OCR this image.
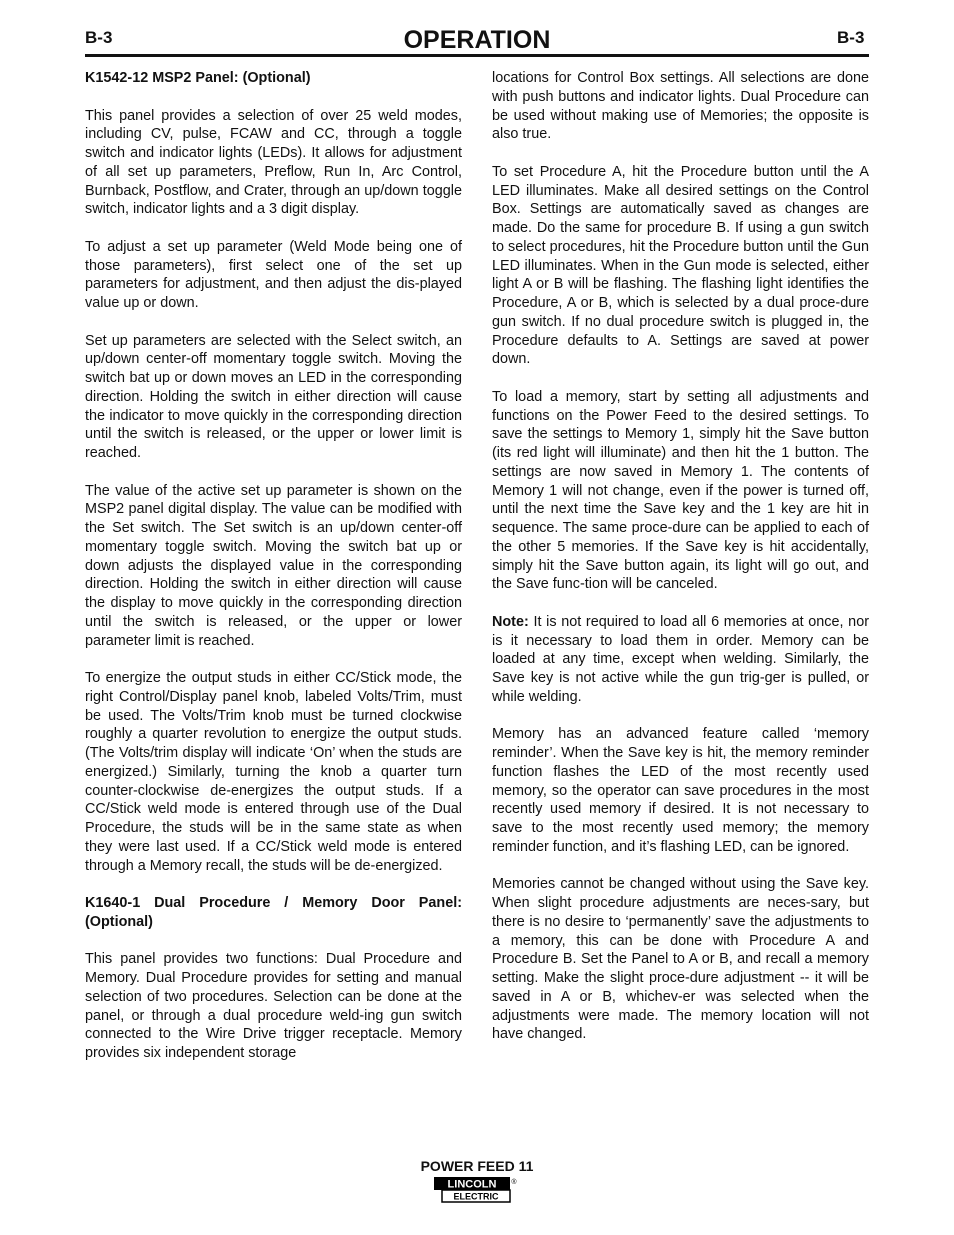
B-3	OPERATION	B-3

K1542-12 MSP2 Panel: (Optional)

This panel provides a selection of over 25 weld modes, including CV, pulse, FCAW and CC, through a toggle switch and indicator lights (LEDs). It allows for adjustment of all set up parameters, Preflow, Run In, Arc Control, Burnback, Postflow, and Crater, through an up/down toggle switch, indicator lights and a 3 digit display.

To adjust a set up parameter (Weld Mode being one of those parameters), first select one of the set up parameters for adjustment, and then adjust the dis-played value up or down.

Set up parameters are selected with the Select switch, an up/down center-off momentary toggle switch. Moving the switch bat up or down moves an LED in the corresponding direction. Holding the switch in either direction will cause the indicator to move quickly in the corresponding direction until the switch is released, or the upper or lower limit is reached.

The value of the active set up parameter is shown on the MSP2 panel digital display. The value can be modified with the Set switch. The Set switch is an up/down center-off momentary toggle switch. Moving the switch bat up or down adjusts the displayed value in the corresponding direction. Holding the switch in either direction will cause the display to move quickly in the corresponding direction until the switch is released, or the upper or lower parameter limit is reached.

To energize the output studs in either CC/Stick mode, the right Control/Display panel knob, labeled Volts/Trim, must be used. The Volts/Trim knob must be turned clockwise roughly a quarter revolution to energize the output studs. (The Volts/trim display will indicate ‘On’ when the studs are energized.) Similarly, turning the knob a quarter turn counter-clockwise de-energizes the output studs. If a CC/Stick weld mode is entered through use of the Dual Procedure, the studs will be in the same state as when they were last used. If a CC/Stick weld mode is entered through a Memory recall, the studs will be de-energized.

K1640-1 Dual Procedure / Memory Door Panel: (Optional)

This panel provides two functions: Dual Procedure and Memory. Dual Procedure provides for setting and manual selection of two procedures. Selection can be done at the panel, or through a dual procedure weld-ing gun switch connected to the Wire Drive trigger receptacle. Memory provides six independent storage

locations for Control Box settings. All selections are done with push buttons and indicator lights. Dual Procedure can be used without making use of Memories; the opposite is also true.

To set Procedure A, hit the Procedure button until the A LED illuminates. Make all desired settings on the Control Box. Settings are automatically saved as changes are made. Do the same for procedure B. If using a gun switch to select procedures, hit the Procedure button until the Gun LED illuminates. When in the Gun mode is selected, either light A or B will be flashing. The flashing light identifies the Procedure, A or B, which is selected by a dual proce-dure gun switch. If no dual procedure switch is plugged in, the Procedure defaults to A. Settings are saved at power down.

To load a memory, start by setting all adjustments and functions on the Power Feed to the desired settings. To save the settings to Memory 1, simply hit the Save button (its red light will illuminate) and then hit the 1 button. The settings are now saved in Memory 1. The contents of Memory 1 will not change, even if the power is turned off, until the next time the Save key and the 1 key are hit in sequence. The same proce-dure can be applied to each of the other 5 memories. If the Save key is hit accidentally, simply hit the Save button again, its light will go out, and the Save func-tion will be canceled.

Note: It is not required to load all 6 memories at once, nor is it necessary to load them in order. Memory can be loaded at any time, except when welding. Similarly, the Save key is not active while the gun trig-ger is pulled, or while welding.

Memory has an advanced feature called ‘memory reminder’. When the Save key is hit, the memory reminder function flashes the LED of the most recently used memory, so the operator can save procedures in the most recently used memory if desired. It is not necessary to save to the most recently used memory; the memory reminder function, and it’s flashing LED, can be ignored.

Memories cannot be changed without using the Save key. When slight procedure adjustments are neces-sary, but there is no desire to ‘permanently’ save the adjustments to a memory, this can be done with Procedure A and Procedure B. Set the Panel to A or B, and recall a memory setting. Make the slight proce-dure adjustment -- it will be saved in A or B, whichev-er was selected when the adjustments were made. The memory location will not have changed.

POWER FEED 11
LINCOLN
ELECTRIC
®
